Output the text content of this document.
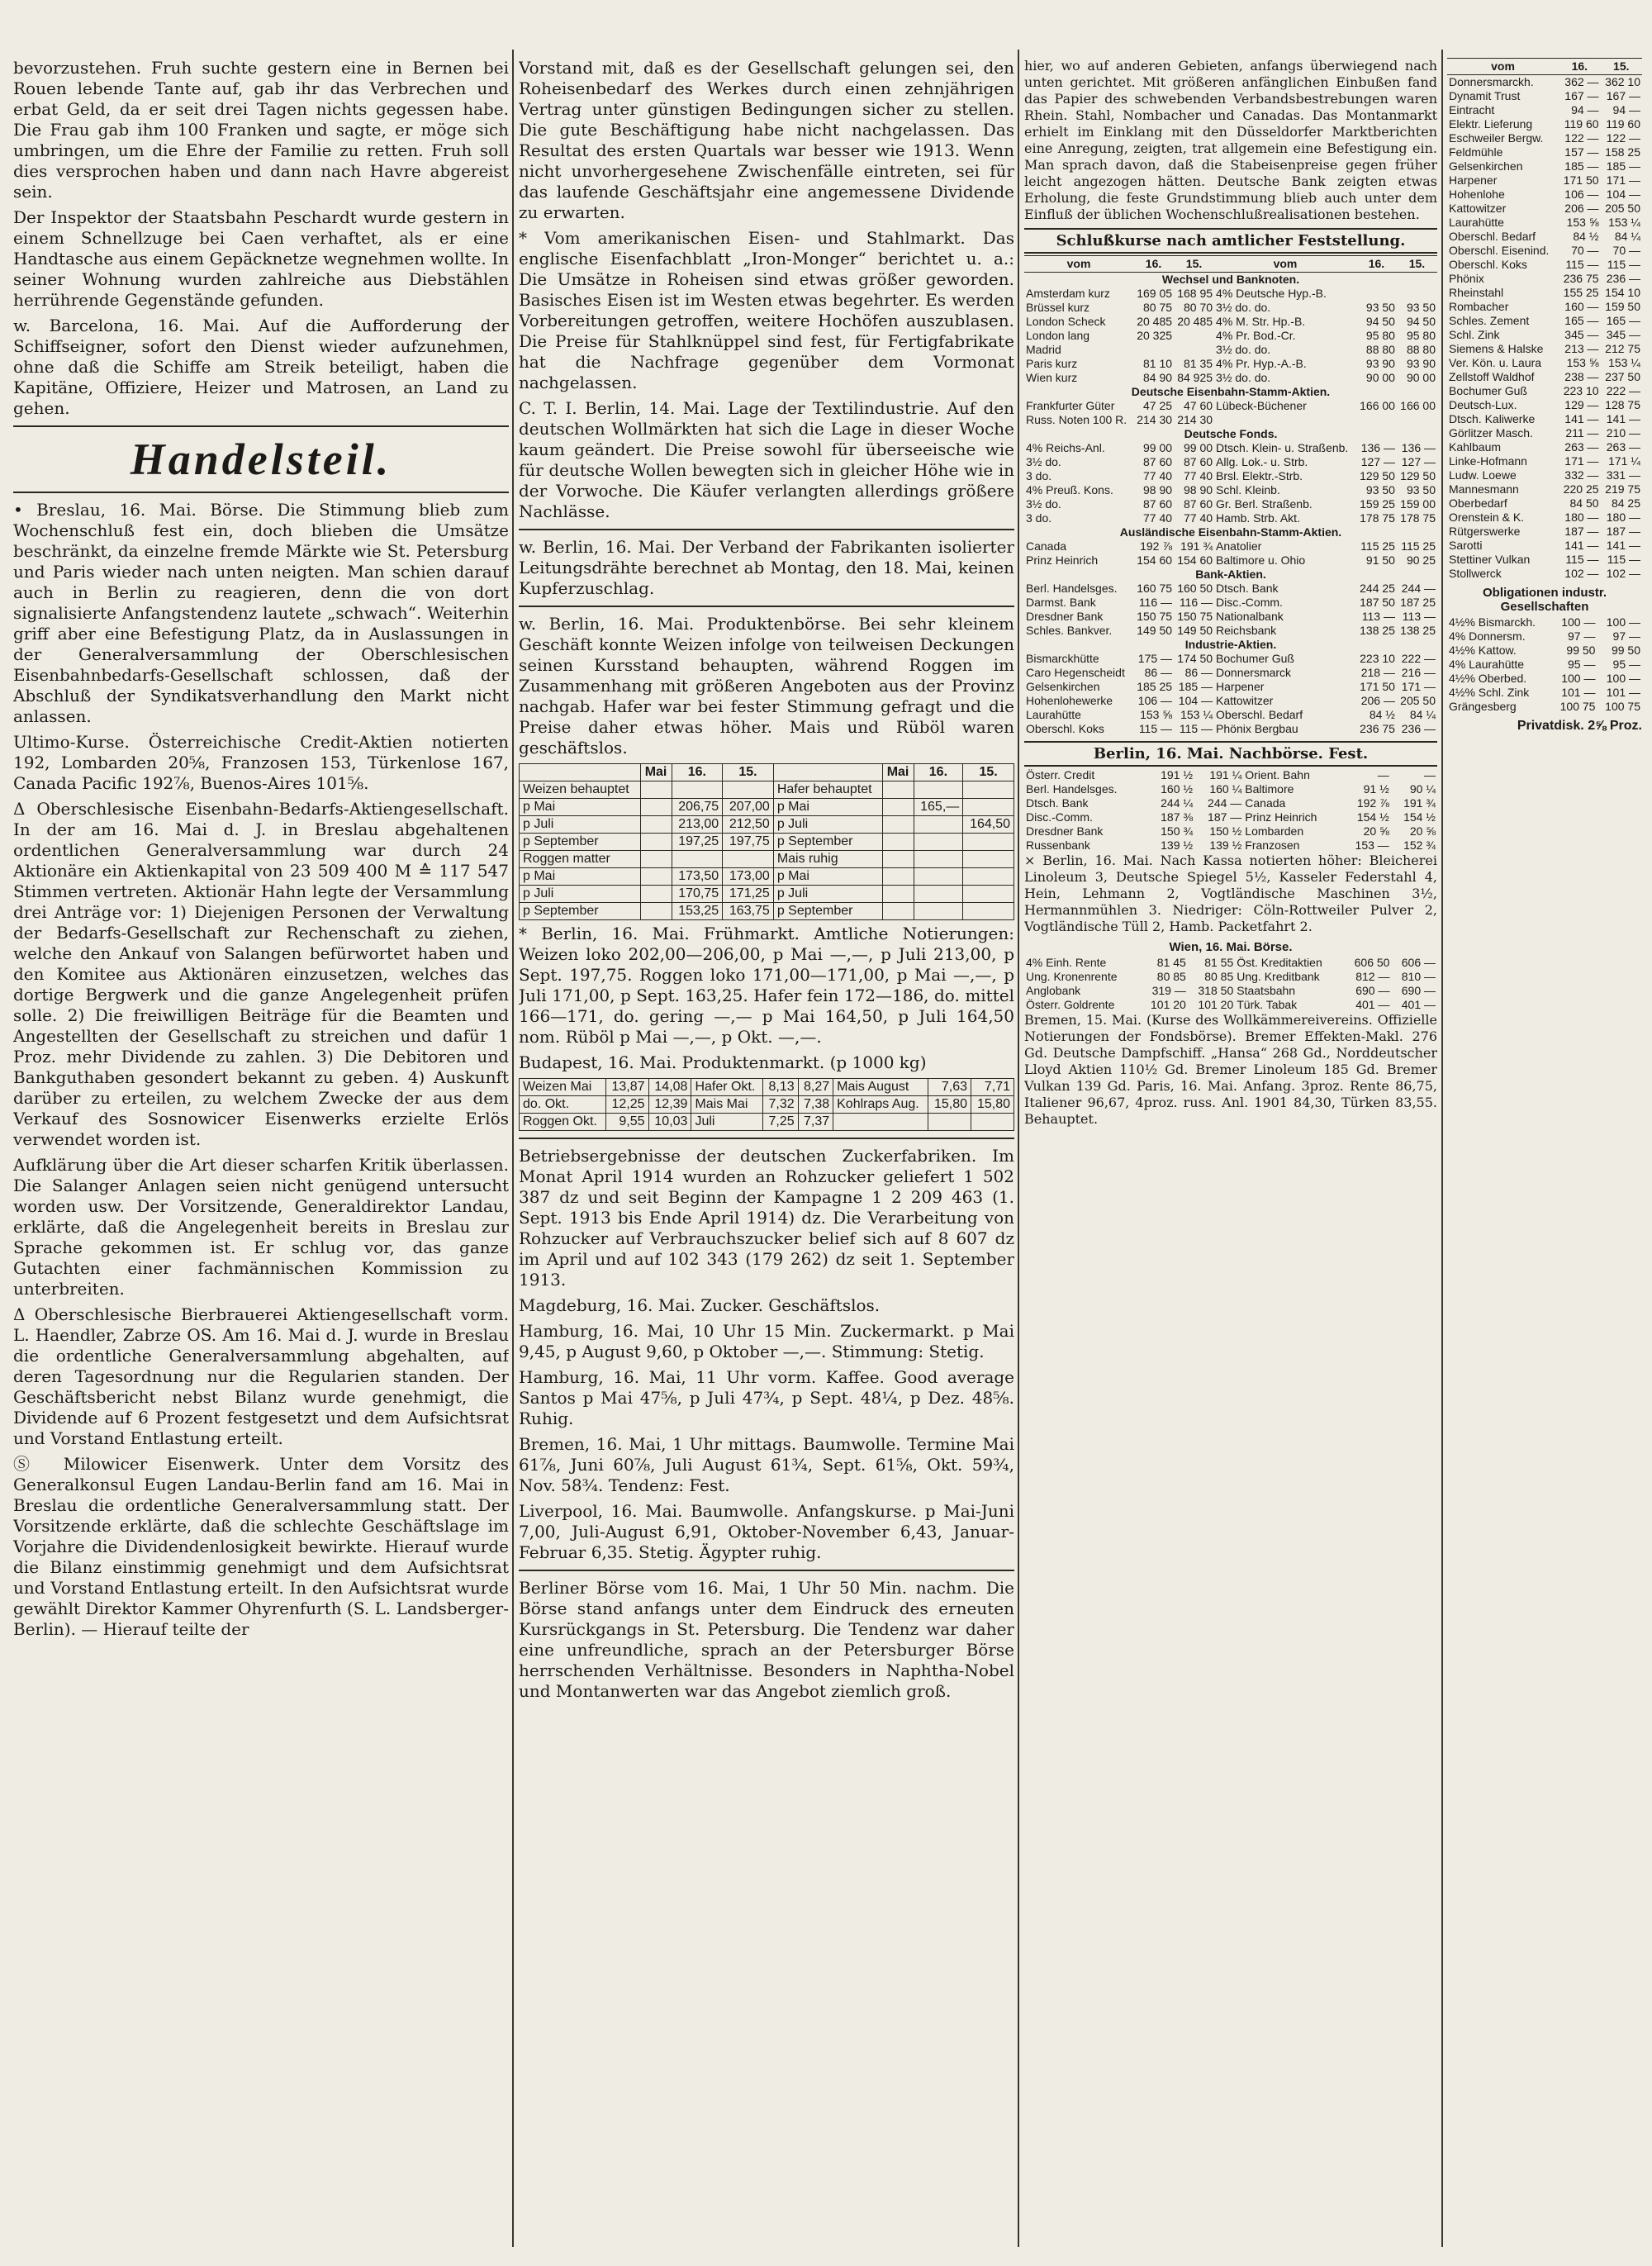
bevorzustehen. Fruh suchte gestern eine in Bernen bei Rouen lebende Tante auf, gab ihr das Verbrechen und erbat Geld, da er seit drei Tagen nichts gegessen habe. Die Frau gab ihm 100 Franken und sagte, er möge sich umbringen, um die Ehre der Familie zu retten. Fruh soll dies versprochen haben und dann nach Havre abgereist sein.

Der Inspektor der Staatsbahn Peschardt wurde gestern in einem Schnellzuge bei Caen verhaftet, als er eine Handtasche aus einem Gepäcknetze wegnehmen wollte. In seiner Wohnung wurden zahlreiche aus Diebstählen herrührende Gegenstände gefunden.

w. Barcelona, 16. Mai. Auf die Aufforderung der Schiffseigner, sofort den Dienst wieder aufzunehmen, ohne daß die Schiffe am Streik beteiligt, haben die Kapitäne, Offiziere, Heizer und Matrosen, an Land zu gehen.

Handelsteil.

• Breslau, 16. Mai. Börse. Die Stimmung blieb zum Wochenschluß fest ein, doch blieben die Umsätze beschränkt, da einzelne fremde Märkte wie St. Petersburg und Paris wieder nach unten neigten. Man schien darauf auch in Berlin zu reagieren, denn die von dort signalisierte Anfangstendenz lautete „schwach“. Weiterhin griff aber eine Befestigung Platz, da in Auslassungen in der Generalversammlung der Oberschlesischen Eisenbahnbedarfs-Gesellschaft schlossen, daß der Abschluß der Syndikatsverhandlung den Markt nicht anlassen.

Ultimo-Kurse. Österreichische Credit-Aktien notierten 192, Lombarden 20⅝, Franzosen 153, Türkenlose 167, Canada Pacific 192⅞, Buenos-Aires 101⅝.

Δ Oberschlesische Eisenbahn-Bedarfs-Aktiengesellschaft. In der am 16. Mai d. J. in Breslau abgehaltenen ordentlichen Generalversammlung war durch 24 Aktionäre ein Aktienkapital von 23 509 400 M ≙ 117 547 Stimmen vertreten. Aktionär Hahn legte der Versammlung drei Anträge vor: 1) Diejenigen Personen der Verwaltung der Bedarfs-Gesellschaft zur Rechenschaft zu ziehen, welche den Ankauf von Salangen befürwortet haben und den Komitee aus Aktionären einzusetzen, welches das dortige Bergwerk und die ganze Angelegenheit prüfen solle. 2) Die freiwilligen Beiträge für die Beamten und Angestellten der Gesellschaft zu streichen und dafür 1 Proz. mehr Dividende zu zahlen. 3) Die Debitoren und Bankguthaben gesondert bekannt zu geben. 4) Auskunft darüber zu erteilen, zu welchem Zwecke der aus dem Verkauf des Sosnowicer Eisenwerks erzielte Erlös verwendet worden ist.

Aufklärung über die Art dieser scharfen Kritik überlassen. Die Salanger Anlagen seien nicht genügend untersucht worden usw. Der Vorsitzende, Generaldirektor Landau, erklärte, daß die Angelegenheit bereits in Breslau zur Sprache gekommen ist. Er schlug vor, das ganze Gutachten einer fachmännischen Kommission zu unterbreiten.

Δ Oberschlesische Bierbrauerei Aktiengesellschaft vorm. L. Haendler, Zabrze OS. Am 16. Mai d. J. wurde in Breslau die ordentliche Generalversammlung abgehalten, auf deren Tagesordnung nur die Regularien standen. Der Geschäftsbericht nebst Bilanz wurde genehmigt, die Dividende auf 6 Prozent festgesetzt und dem Aufsichtsrat und Vorstand Entlastung erteilt.

Ⓢ Milowicer Eisenwerk. Unter dem Vorsitz des Generalkonsul Eugen Landau-Berlin fand am 16. Mai in Breslau die ordentliche Generalversammlung statt. Der Vorsitzende erklärte, daß die schlechte Geschäftslage im Vorjahre die Dividendenlosigkeit bewirkte. Hierauf wurde die Bilanz einstimmig genehmigt und dem Aufsichtsrat und Vorstand Entlastung erteilt. In den Aufsichtsrat wurde gewählt Direktor Kammer Ohyrenfurth (S. L. Landsberger-Berlin). — Hierauf teilte der

Vorstand mit, daß es der Gesellschaft gelungen sei, den Roheisenbedarf des Werkes durch einen zehnjährigen Vertrag unter günstigen Bedingungen sicher zu stellen. Die gute Beschäftigung habe nicht nachgelassen. Das Resultat des ersten Quartals war besser wie 1913. Wenn nicht unvorhergesehene Zwischenfälle eintreten, sei für das laufende Geschäftsjahr eine angemessene Dividende zu erwarten.

* Vom amerikanischen Eisen- und Stahlmarkt. Das englische Eisenfachblatt „Iron-Monger“ berichtet u. a.: Die Umsätze in Roheisen sind etwas größer geworden. Basisches Eisen ist im Westen etwas begehrter. Es werden Vorbereitungen getroffen, weitere Hochöfen auszublasen. Die Preise für Stahlknüppel sind fest, für Fertigfabrikate hat die Nachfrage gegenüber dem Vormonat nachgelassen.

C. T. I. Berlin, 14. Mai. Lage der Textilindustrie. Auf den deutschen Wollmärkten hat sich die Lage in dieser Woche kaum geändert. Die Preise sowohl für überseeische wie für deutsche Wollen bewegten sich in gleicher Höhe wie in der Vorwoche. Die Käufer verlangten allerdings größere Nachlässe.

w. Berlin, 16. Mai. Der Verband der Fabrikanten isolierter Leitungsdrähte berechnet ab Montag, den 18. Mai, keinen Kupferzuschlag.

w. Berlin, 16. Mai. Produktenbörse. Bei sehr kleinem Geschäft konnte Weizen infolge von teilweisen Deckungen seinen Kursstand behaupten, während Roggen im Zusammenhang mit größeren Angeboten aus der Provinz nachgab. Hafer war bei fester Stimmung gefragt und die Preise daher etwas höher. Mais und Rüböl waren geschäftslos.

	Mai	16.	15.		Mai	16.	15.
Weizen behauptet				Hafer behauptet			
p Mai		206,75	207,00	p Mai		165,—	
p Juli		213,00	212,50	p Juli			164,50
p September		197,25	197,75	p September			
Roggen matter				Mais ruhig			
p Mai		173,50	173,00	p Mai			
p Juli		170,75	171,25	p Juli			
p September		153,25	163,75	p September			

* Berlin, 16. Mai. Frühmarkt. Amtliche Notierungen: Weizen loko 202,00—206,00, p Mai —,—, p Juli 213,00, p Sept. 197,75. Roggen loko 171,00—171,00, p Mai —,—, p Juli 171,00, p Sept. 163,25. Hafer fein 172—186, do. mittel 166—171, do. gering —,— p Mai 164,50, p Juli 164,50 nom. Rüböl p Mai —,—, p Okt. —,—.

Budapest, 16. Mai. Produktenmarkt. (p 1000 kg)

Weizen Mai	13,87	14,08	Hafer Okt.	8,13	8,27	Mais August	7,63	7,71
do. Okt.	12,25	12,39	Mais Mai	7,32	7,38	Kohlraps Aug.	15,80	15,80
Roggen Okt.	9,55	10,03	Juli	7,25	7,37			

Betriebsergebnisse der deutschen Zuckerfabriken. Im Monat April 1914 wurden an Rohzucker geliefert 1 502 387 dz und seit Beginn der Kampagne 1 2 209 463 (1. Sept. 1913 bis Ende April 1914) dz. Die Verarbeitung von Rohzucker auf Verbrauchszucker belief sich auf 8 607 dz im April und auf 102 343 (179 262) dz seit 1. September 1913.

Magdeburg, 16. Mai. Zucker. Geschäftslos.

Hamburg, 16. Mai, 10 Uhr 15 Min. Zuckermarkt. p Mai 9,45, p August 9,60, p Oktober —,—. Stimmung: Stetig.

Hamburg, 16. Mai, 11 Uhr vorm. Kaffee. Good average Santos p Mai 47⅝, p Juli 47¾, p Sept. 48¼, p Dez. 48⅝. Ruhig.

Bremen, 16. Mai, 1 Uhr mittags. Baumwolle. Termine Mai 61⅞, Juni 60⅞, Juli August 61¾, Sept. 61⅝, Okt. 59¾, Nov. 58¾. Tendenz: Fest.

Liverpool, 16. Mai. Baumwolle. Anfangskurse. p Mai-Juni 7,00, Juli-August 6,91, Oktober-November 6,43, Januar-Februar 6,35. Stetig. Ägypter ruhig.

Berliner Börse vom 16. Mai, 1 Uhr 50 Min. nachm. Die Börse stand anfangs unter dem Eindruck des erneuten Kursrückgangs in St. Petersburg. Die Tendenz war daher eine unfreundliche, sprach an der Petersburger Börse herrschenden Verhältnisse. Besonders in Naphtha-Nobel und Montanwerten war das Angebot ziemlich groß.

hier, wo auf anderen Gebieten, anfangs überwiegend nach unten gerichtet. Mit größeren anfänglichen Einbußen fand das Papier des schwebenden Verbandsbestrebungen waren Rhein. Stahl, Nombacher und Canadas. Das Montanmarkt erhielt im Einklang mit den Düsseldorfer Marktberichten eine Anregung, zeigten, trat allgemein eine Befestigung ein. Man sprach davon, daß die Stabeisenpreise gegen früher leicht angezogen hätten. Deutsche Bank zeigten etwas Erholung, die feste Grundstimmung blieb auch unter dem Einfluß der üblichen Wochenschlußrealisationen bestehen.

Schlußkurse nach amtlicher Feststellung.
vom	16.	15.	vom	16.	15.
Wechsel und Banknoten.					
Amsterdam kurz	169 05	168 95	4% Deutsche Hyp.-B.		
Brüssel kurz	80 75	80 70	3½ do. do.	93 50	93 50
London Scheck	20 485	20 485	4% M. Str. Hp.-B.	94 50	94 50
London lang	20 325		4% Pr. Bod.-Cr.	95 80	95 80
Madrid			3½ do. do.	88 80	88 80
Paris kurz	81 10	81 35	4% Pr. Hyp.-A.-B.	93 90	93 90
Wien kurz	84 90	84 925	3½ do. do.	90 00	90 00
Deutsche Eisenbahn-Stamm-Aktien.					
Frankfurter Güter	47 25	47 60	Lübeck-Büchener	166 00	166 00
Russ. Noten 100 R.	214 30	214 30			
Deutsche Fonds.					
4% Reichs-Anl.	99 00	99 00	Dtsch. Klein- u. Straßenb.	136 —	136 —
3½ do.	87 60	87 60	Allg. Lok.- u. Strb.	127 —	127 —
3 do.	77 40	77 40	Brsl. Elektr.-Strb.	129 50	129 50
4% Preuß. Kons.	98 90	98 90	Schl. Kleinb.	93 50	93 50
3½ do.	87 60	87 60	Gr. Berl. Straßenb.	159 25	159 00
3 do.	77 40	77 40	Hamb. Strb. Akt.	178 75	178 75
Ausländische Eisenbahn-Stamm-Aktien.					
Canada	192 ⅞	191 ¾	Anatolier	115 25	115 25
Prinz Heinrich	154 60	154 60	Baltimore u. Ohio	91 50	90 25
Bank-Aktien.					
Berl. Handelsges.	160 75	160 50	Dtsch. Bank	244 25	244 —
Darmst. Bank	116 —	116 —	Disc.-Comm.	187 50	187 25
Dresdner Bank	150 75	150 75	Nationalbank	113 —	113 —
Schles. Bankver.	149 50	149 50	Reichsbank	138 25	138 25
Industrie-Aktien.					
Bismarckhütte	175 —	174 50	Bochumer Guß	223 10	222 —
Caro Hegenscheidt	86 —	86 —	Donnersmarck	218 —	216 —
Gelsenkirchen	185 25	185 —	Harpener	171 50	171 —
Hohenlohewerke	106 —	104 —	Kattowitzer	206 —	205 50
Laurahütte	153 ⅝	153 ¼	Oberschl. Bedarf	84 ½	84 ¼
Oberschl. Koks	115 —	115 —	Phönix Bergbau	236 75	236 —
Berlin, 16. Mai. Nachbörse. Fest.
Österr. Credit	191 ½	191 ¼	Orient. Bahn	—	—
Berl. Handelsges.	160 ½	160 ¼	Baltimore	91 ½	90 ¼
Dtsch. Bank	244 ¼	244 —	Canada	192 ⅞	191 ¾
Disc.-Comm.	187 ⅜	187 —	Prinz Heinrich	154 ½	154 ½
Dresdner Bank	150 ¾	150 ½	Lombarden	20 ⅝	20 ⅝
Russenbank	139 ½	139 ½	Franzosen	153 —	152 ¾

× Berlin, 16. Mai. Nach Kassa notierten höher: Bleicherei Linoleum 3, Deutsche Spiegel 5½, Kasseler Federstahl 4, Hein, Lehmann 2, Vogtländische Maschinen 3½, Hermannmühlen 3. Niedriger: Cöln-Rottweiler Pulver 2, Vogtländische Tüll 2, Hamb. Packetfahrt 2.

Wien, 16. Mai. Börse.
4% Einh. Rente	81 45	81 55	Öst. Kreditaktien	606 50	606 —
Ung. Kronenrente	80 85	80 85	Ung. Kreditbank	812 —	810 —
Anglobank	319 —	318 50	Staatsbahn	690 —	690 —
Österr. Goldrente	101 20	101 20	Türk. Tabak	401 —	401 —

Bremen, 15. Mai. (Kurse des Wollkämmereivereins. Offizielle Notierungen der Fondsbörse). Bremer Effekten-Makl. 276 Gd. Deutsche Dampfschiff. „Hansa“ 268 Gd., Norddeutscher Lloyd Aktien 110½ Gd. Bremer Linoleum 185 Gd. Bremer Vulkan 139 Gd. Paris, 16. Mai. Anfang. 3proz. Rente 86,75, Italiener 96,67, 4proz. russ. Anl. 1901 84,30, Türken 83,55. Behauptet.

vom	16.	15.
Donnersmarckh.	362 —	362 10
Dynamit Trust	167 —	167 —
Eintracht	94 —	94 —
Elektr. Lieferung	119 60	119 60
Eschweiler Bergw.	122 —	122 —
Feldmühle	157 —	158 25
Gelsenkirchen	185 —	185 —
Harpener	171 50	171 —
Hohenlohe	106 —	104 —
Kattowitzer	206 —	205 50
Laurahütte	153 ⅝	153 ¼
Oberschl. Bedarf	84 ½	84 ¼
Oberschl. Eisenind.	70 —	70 —
Oberschl. Koks	115 —	115 —
Phönix	236 75	236 —
Rheinstahl	155 25	154 10
Rombacher	160 —	159 50
Schles. Zement	165 —	165 —
Schl. Zink	345 —	345 —
Siemens & Halske	213 —	212 75
Ver. Kön. u. Laura	153 ⅝	153 ¼
Zellstoff Waldhof	238 —	237 50
Bochumer Guß	223 10	222 —
Deutsch-Lux.	129 —	128 75
Dtsch. Kaliwerke	141 —	141 —
Görlitzer Masch.	211 —	210 —
Kahlbaum	263 —	263 —
Linke-Hofmann	171 —	171 ¼
Ludw. Loewe	332 —	331 —
Mannesmann	220 25	219 75
Oberbedarf	84 50	84 25
Orenstein & K.	180 —	180 —
Rütgerswerke	187 —	187 —
Sarotti	141 —	141 —
Stettiner Vulkan	115 —	115 —
Stollwerck	102 —	102 —
Obligationen industr. Gesellschaften
4½% Bismarckh.	100 —	100 —
4% Donnersm.	97 —	97 —
4½% Kattow.	99 50	99 50
4% Laurahütte	95 —	95 —
4½% Oberbed.	100 —	100 —
4½% Schl. Zink	101 —	101 —
Grängesberg	100 75	100 75
Privatdisk. 2⅝ Proz.
